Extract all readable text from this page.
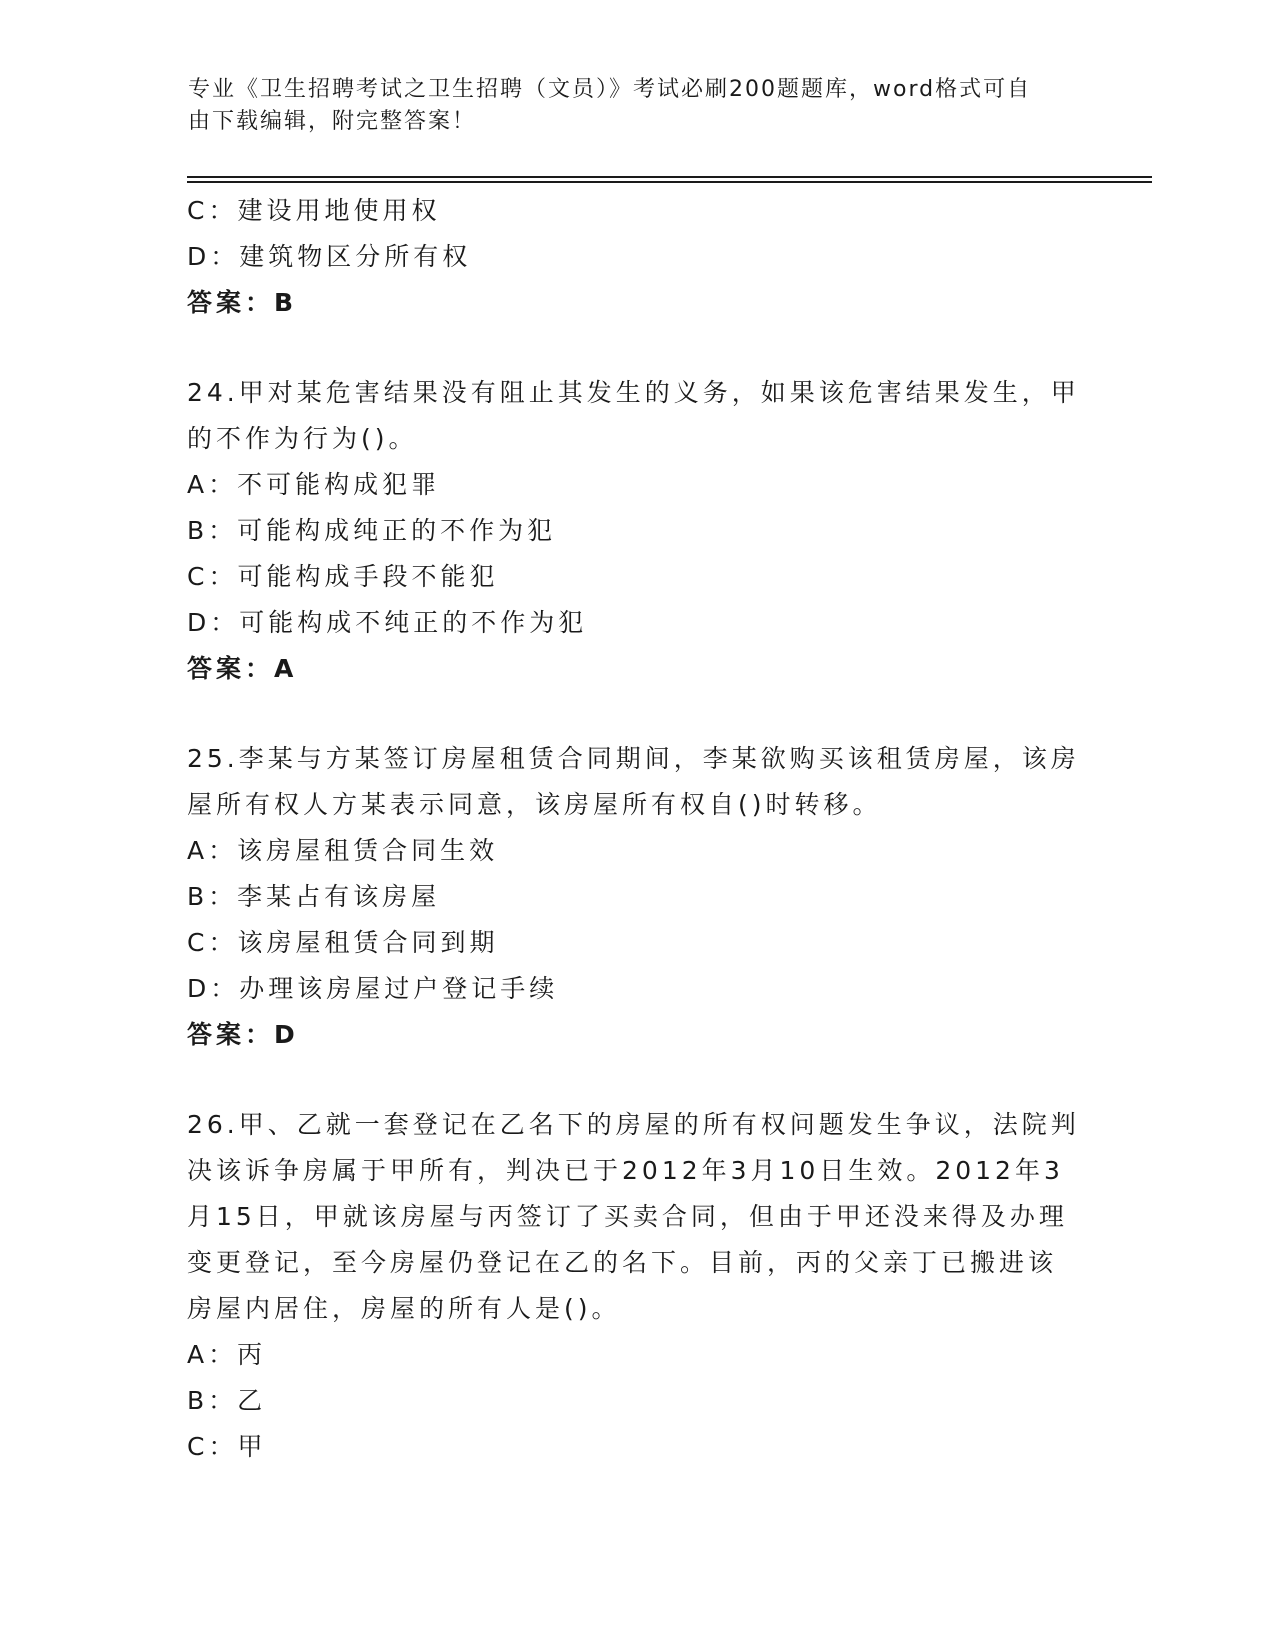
专业《卫生招聘考试之卫生招聘（文员）》考试必刷200题题库，word格式可自
由下载编辑，附完整答案！
C：建设用地使用权
D：建筑物区分所有权
答案：B
24.甲对某危害结果没有阻止其发生的义务，如果该危害结果发生，甲
的不作为行为()。
A：不可能构成犯罪
B：可能构成纯正的不作为犯
C：可能构成手段不能犯
D：可能构成不纯正的不作为犯
答案：A
25.李某与方某签订房屋租赁合同期间，李某欲购买该租赁房屋，该房
屋所有权人方某表示同意，该房屋所有权自()时转移。
A：该房屋租赁合同生效
B：李某占有该房屋
C：该房屋租赁合同到期
D：办理该房屋过户登记手续
答案：D
26.甲、乙就一套登记在乙名下的房屋的所有权问题发生争议，法院判
决该诉争房属于甲所有，判决已于2012年3月10日生效。2012年3
月15日，甲就该房屋与丙签订了买卖合同，但由于甲还没来得及办理
变更登记，至今房屋仍登记在乙的名下。目前，丙的父亲丁已搬进该
房屋内居住，房屋的所有人是()。
A：丙
B：乙
C：甲
